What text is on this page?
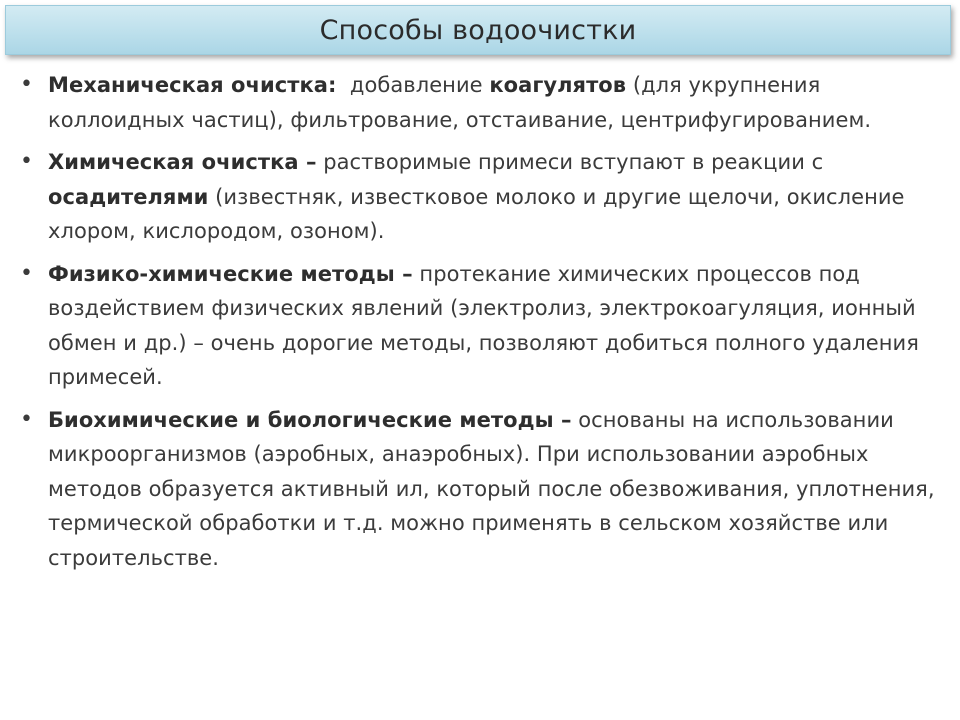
Способы водоочистки
• Механическая очистка:  добавление коагулятов (для укрупнения коллоидных частиц), фильтрование, отстаивание, центрифугированием.
• Химическая очистка – растворимые примеси вступают в реакции с осадителями (известняк, известковое молоко и другие щелочи, окисление хлором, кислородом, озоном).
• Физико-химические методы – протекание химических процессов под воздействием физических явлений (электролиз, электрокоагуляция, ионный обмен и др.) – очень дорогие методы, позволяют добиться полного удаления примесей.
• Биохимические и биологические методы – основаны на использовании микроорганизмов (аэробных, анаэробных). При использовании аэробных методов образуется активный ил, который после обезвоживания, уплотнения, термической обработки и т.д. можно применять в сельском хозяйстве или строительстве.
